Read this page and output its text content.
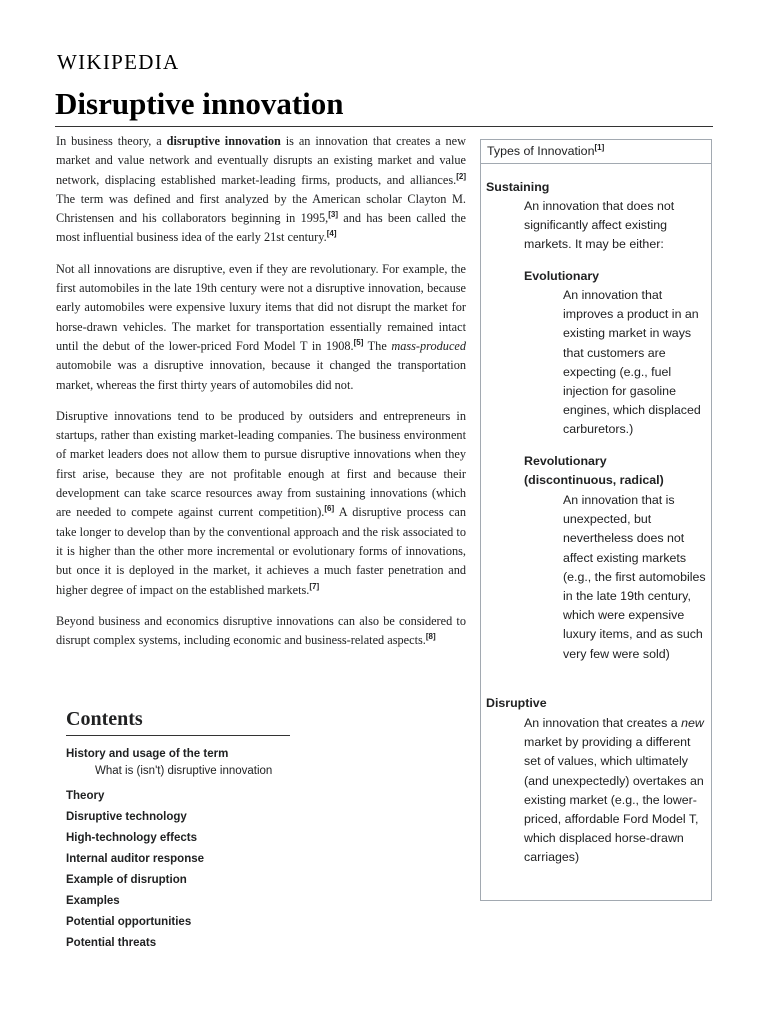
WIKIPEDIA
Disruptive innovation

In business theory, a disruptive innovation is an innovation that creates a new market and value network and eventually disrupts an existing market and value network, displacing established market-leading firms, products, and alliances.[2] The term was defined and first analyzed by the American scholar Clayton M. Christensen and his collaborators beginning in 1995,[3] and has been called the most influential business idea of the early 21st century.[4]

Not all innovations are disruptive, even if they are revolutionary. For example, the first automobiles in the late 19th century were not a disruptive innovation, because early automobiles were expensive luxury items that did not disrupt the market for horse-drawn vehicles. The market for transportation essentially remained intact until the debut of the lower-priced Ford Model T in 1908.[5] The mass-produced automobile was a disruptive innovation, because it changed the transportation market, whereas the first thirty years of automobiles did not.

Disruptive innovations tend to be produced by outsiders and entrepreneurs in startups, rather than existing market-leading companies. The business environment of market leaders does not allow them to pursue disruptive innovations when they first arise, because they are not profitable enough at first and because their development can take scarce resources away from sustaining innovations (which are needed to compete against current competition).[6] A disruptive process can take longer to develop than by the conventional approach and the risk associated to it is higher than the other more incremental or evolutionary forms of innovations, but once it is deployed in the market, it achieves a much faster penetration and higher degree of impact on the established markets.[7]

Beyond business and economics disruptive innovations can also be considered to disrupt complex systems, including economic and business-related aspects.[8]

Types of Innovation[1]
Sustaining
An innovation that does not significantly affect existing markets. It may be either:
Evolutionary
An innovation that improves a product in an existing market in ways that customers are expecting (e.g., fuel injection for gasoline engines, which displaced carburetors.)
Revolutionary (discontinuous, radical)
An innovation that is unexpected, but nevertheless does not affect existing markets (e.g., the first automobiles in the late 19th century, which were expensive luxury items, and as such very few were sold)
Disruptive
An innovation that creates a new market by providing a different set of values, which ultimately (and unexpectedly) overtakes an existing market (e.g., the lower-priced, affordable Ford Model T, which displaced horse-drawn carriages)
Contents
History and usage of the term
What is (isn't) disruptive innovation
Theory
Disruptive technology
High-technology effects
Internal auditor response
Example of disruption
Examples
Potential opportunities
Potential threats
